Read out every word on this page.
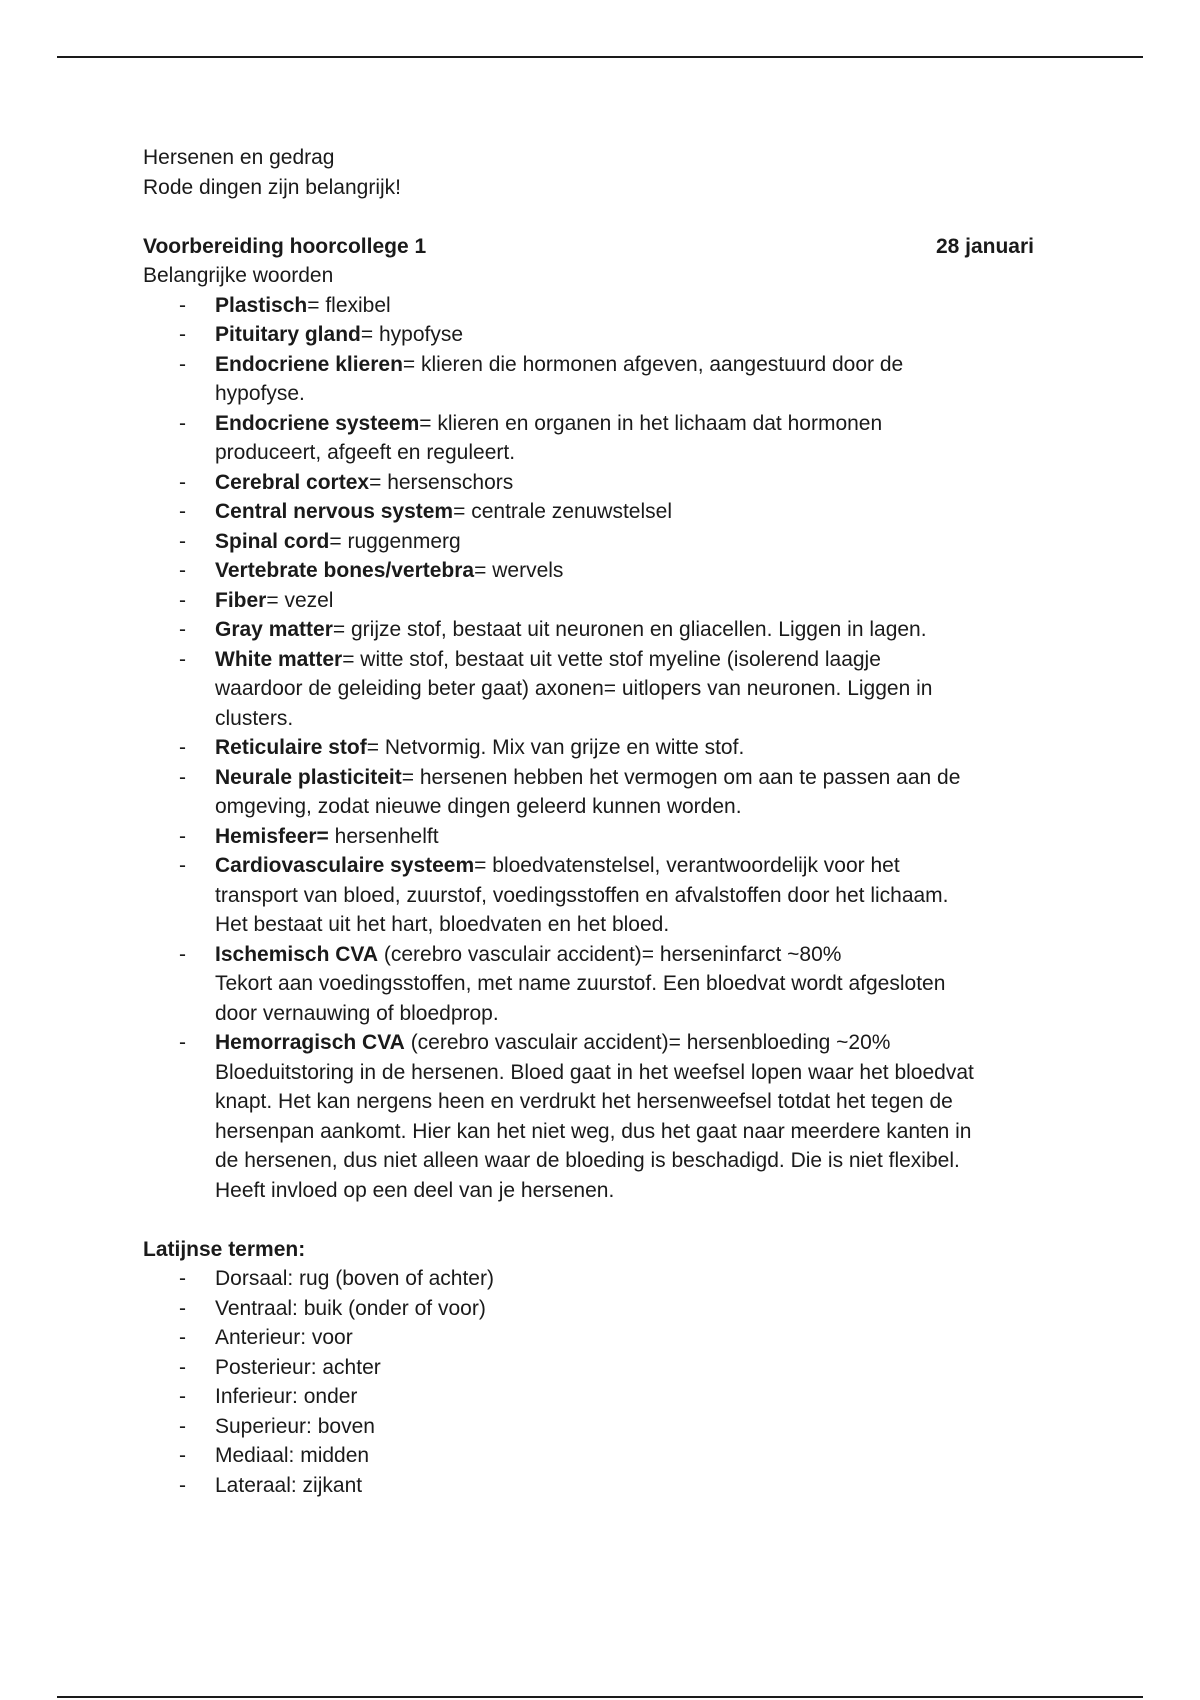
Hersenen en gedrag
Rode dingen zijn belangrijk!
Voorbereiding hoorcollege 1	28 januari
Belangrijke woorden
- Plastisch= flexibel
- Pituitary gland= hypofyse
- Endocriene klieren= klieren die hormonen afgeven, aangestuurd door de
hypofyse.
- Endocriene systeem= klieren en organen in het lichaam dat hormonen
produceert, afgeeft en reguleert.
- Cerebral cortex= hersenschors
- Central nervous system= centrale zenuwstelsel
- Spinal cord= ruggenmerg
- Vertebrate bones/vertebra= wervels
- Fiber= vezel
- Gray matter= grijze stof, bestaat uit neuronen en gliacellen. Liggen in lagen.
- White matter= witte stof, bestaat uit vette stof myeline (isolerend laagje
waardoor de geleiding beter gaat) axonen= uitlopers van neuronen. Liggen in
clusters.
- Reticulaire stof= Netvormig. Mix van grijze en witte stof.
- Neurale plasticiteit= hersenen hebben het vermogen om aan te passen aan de
omgeving, zodat nieuwe dingen geleerd kunnen worden.
- Hemisfeer= hersenhelft
- Cardiovasculaire systeem= bloedvatenstelsel, verantwoordelijk voor het
transport van bloed, zuurstof, voedingsstoffen en afvalstoffen door het lichaam.
Het bestaat uit het hart, bloedvaten en het bloed.
- Ischemisch CVA (cerebro vasculair accident)= herseninfarct ~80%
Tekort aan voedingsstoffen, met name zuurstof. Een bloedvat wordt afgesloten
door vernauwing of bloedprop.
- Hemorragisch CVA (cerebro vasculair accident)= hersenbloeding ~20%
Bloeduitstoring in de hersenen. Bloed gaat in het weefsel lopen waar het bloedvat
knapt. Het kan nergens heen en verdrukt het hersenweefsel totdat het tegen de
hersenpan aankomt. Hier kan het niet weg, dus het gaat naar meerdere kanten in
de hersenen, dus niet alleen waar de bloeding is beschadigd. Die is niet flexibel.
Heeft invloed op een deel van je hersenen.
Latijnse termen:
- Dorsaal: rug (boven of achter)
- Ventraal: buik (onder of voor)
- Anterieur: voor
- Posterieur: achter
- Inferieur: onder
- Superieur: boven
- Mediaal: midden
- Lateraal: zijkant
